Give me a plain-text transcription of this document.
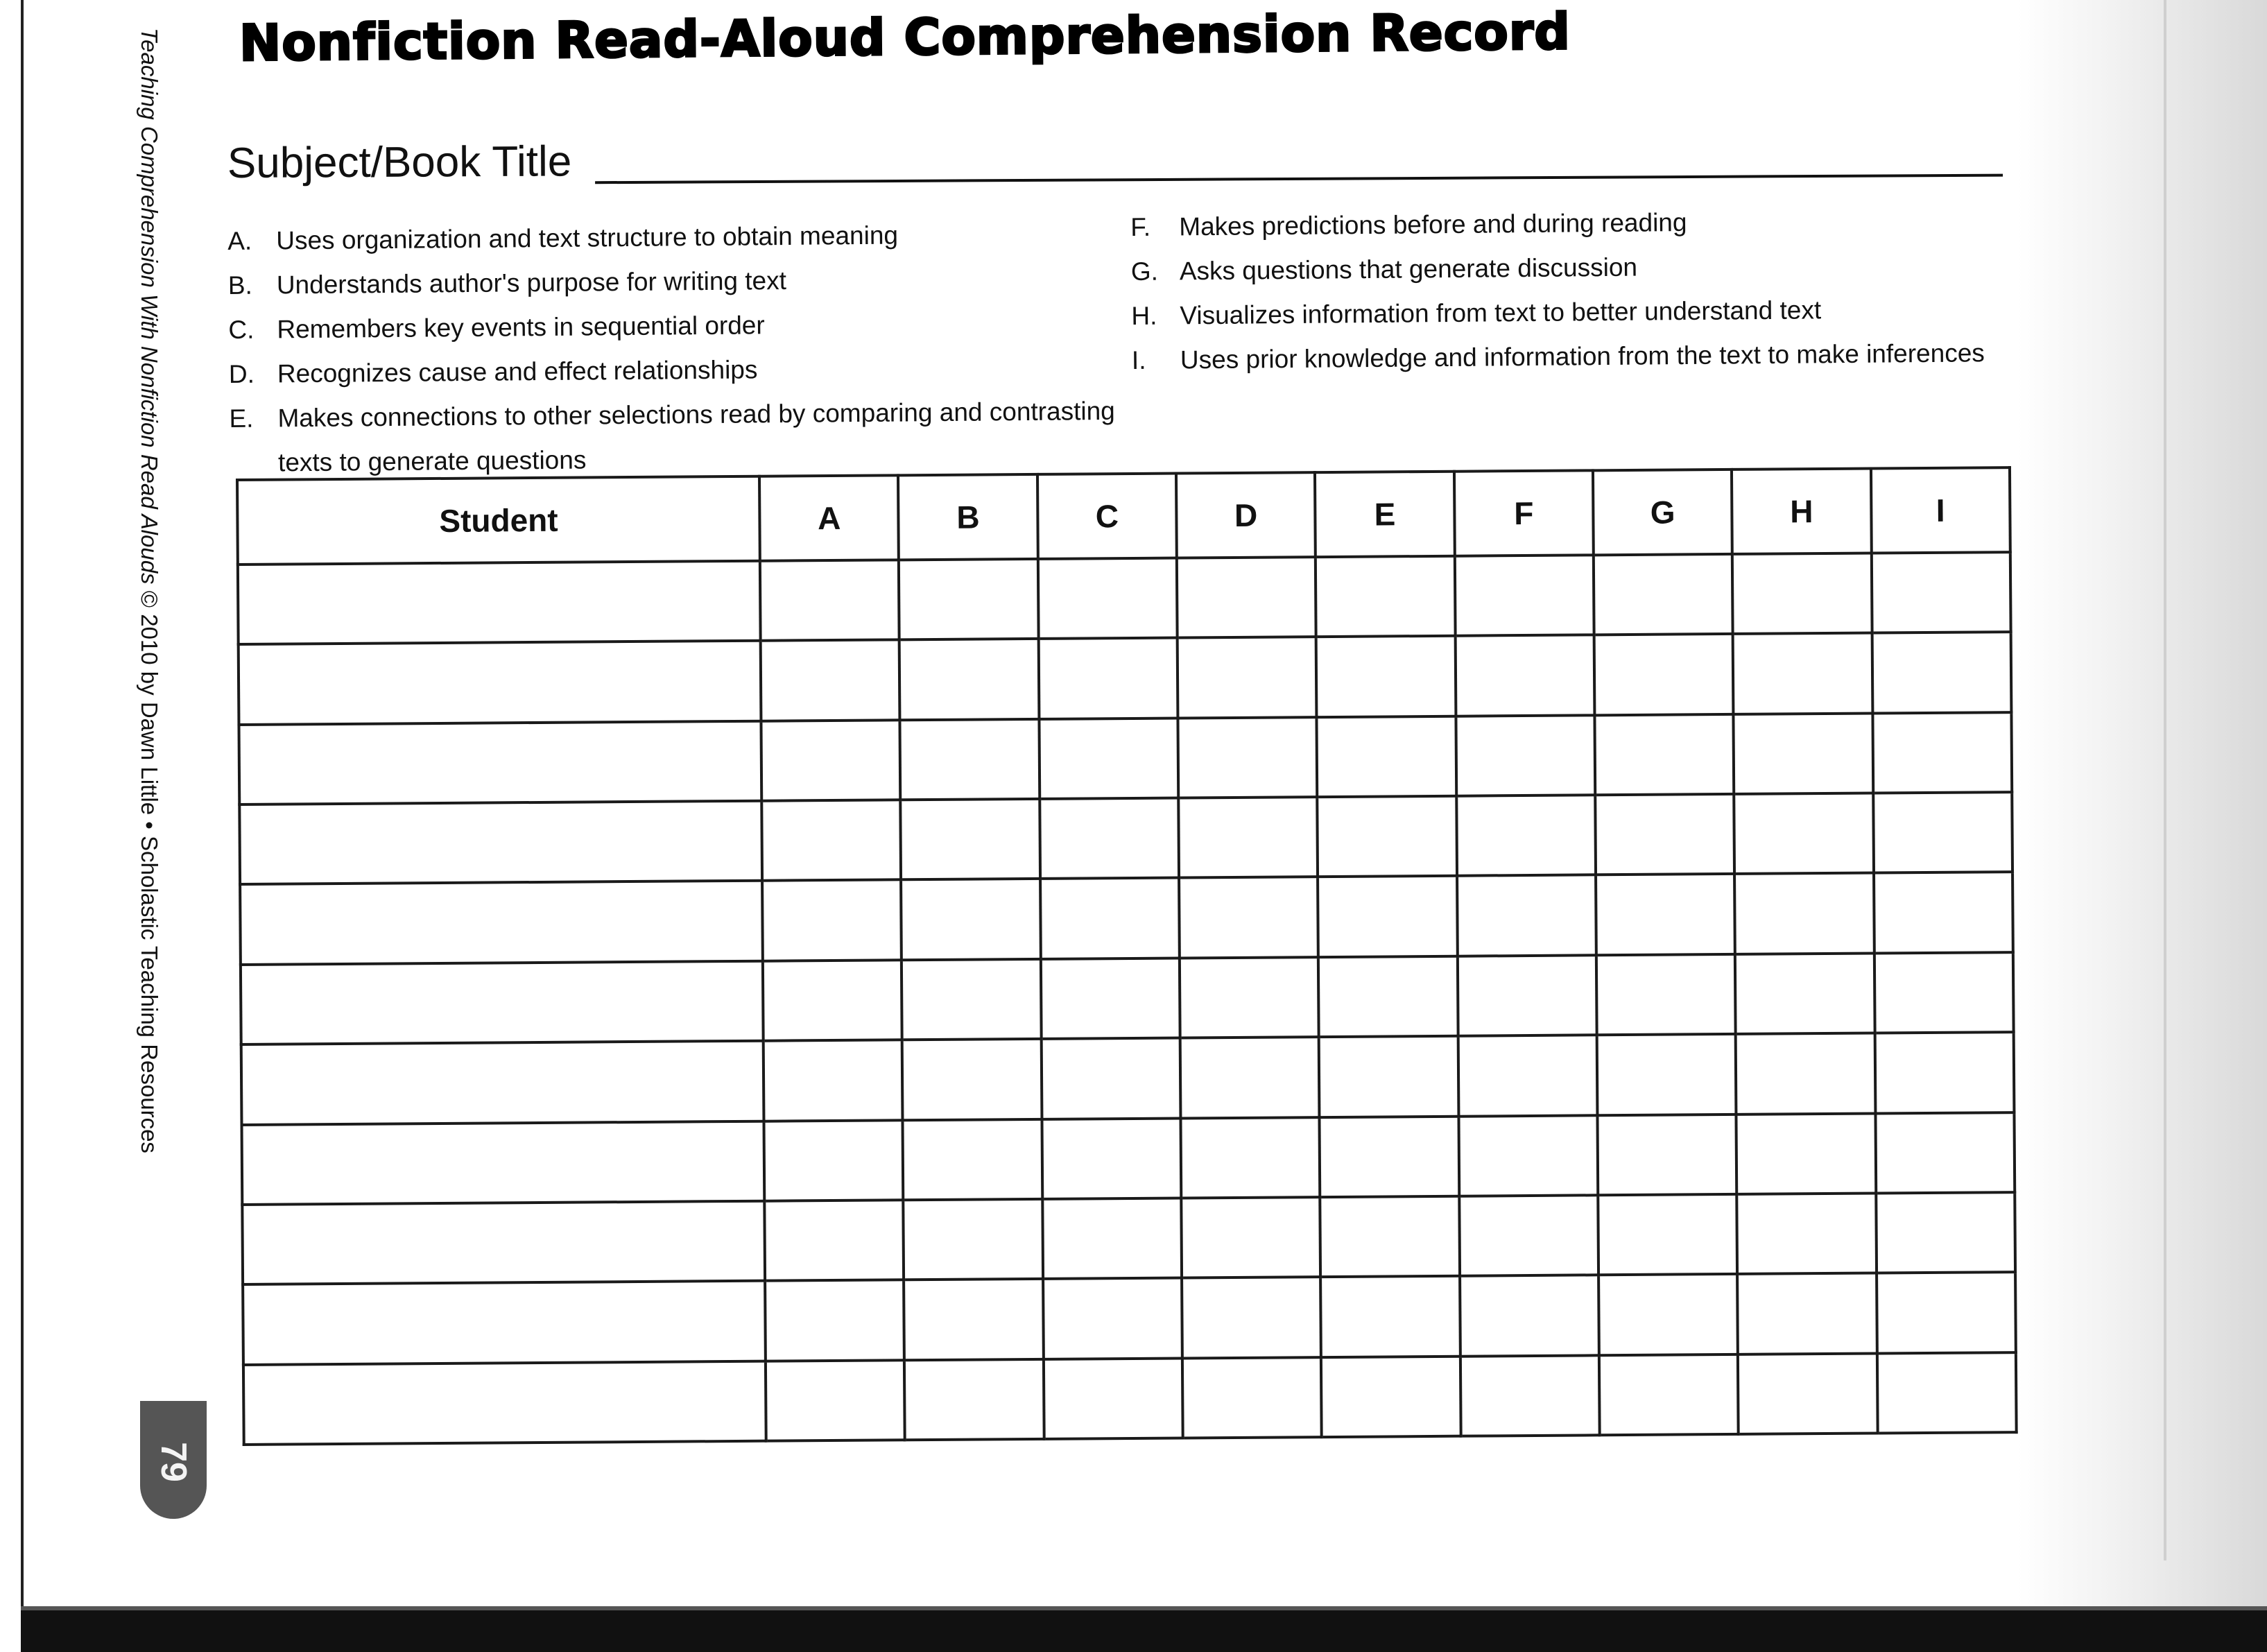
Teaching Comprehension With Nonfiction Read Alouds © 2010 by Dawn Little • Scholastic Teaching Resources
79
Nonfiction Read-Aloud Comprehension Record
Subject/Book Title
A. Uses organization and text structure to obtain meaning
B. Understands author's purpose for writing text
C. Remembers key events in sequential order
D. Recognizes cause and effect relationships
E. Makes connections to other selections read by comparing and contrasting texts to generate questions
F.	Makes predictions before and during reading
G. Asks questions that generate discussion
H. Visualizes information from text to better understand text
I.	Uses prior knowledge and information from the text to make inferences
Student	A	B	C	D	E	F	G	H	I
